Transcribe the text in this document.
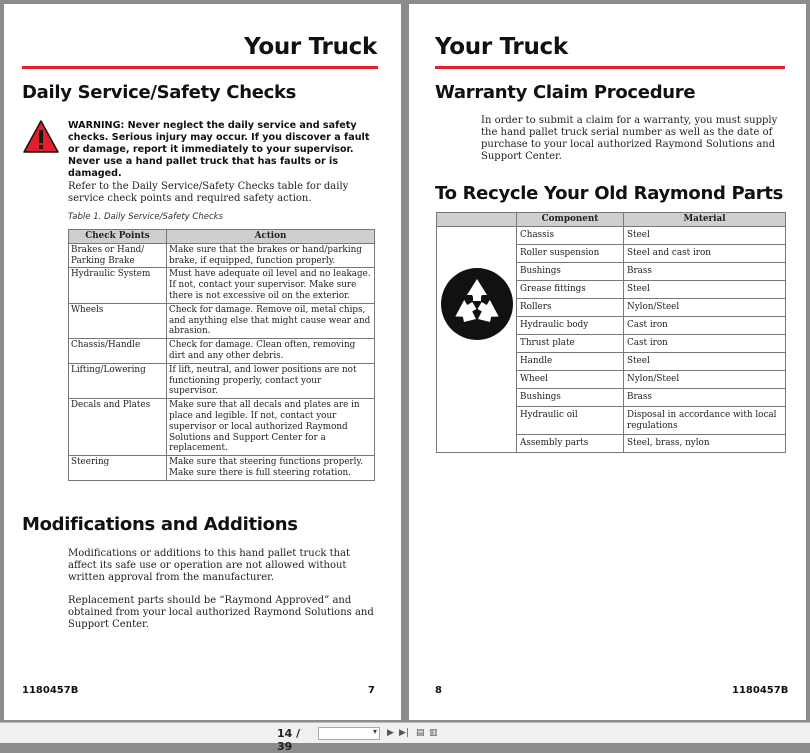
Your Truck
Daily Service/Safety Checks
WARNING: Never neglect the daily service and safety checks. Serious injury may occur. If you discover a fault or damage, report it immediately to your supervisor. Never use a hand pallet truck that has faults or is damaged.
Refer to the Daily Service/Safety Checks table for daily service check points and required safety action.
Table 1. Daily Service/Safety Checks
Check Points	Action
Brakes or Hand/ Parking Brake	Make sure that the brakes or hand/parking brake, if equipped, function properly.
Hydraulic System	Must have adequate oil level and no leakage. If not, contact your supervisor. Make sure there is not excessive oil on the exterior.
Wheels	Check for damage. Remove oil, metal chips, and anything else that might cause wear and abrasion.
Chassis/Handle	Check for damage. Clean often, removing dirt and any other debris.
Lifting/Lowering	If lift, neutral, and lower positions are not functioning properly, contact your supervisor.
Decals and Plates	Make sure that all decals and plates are in place and legible. If not, contact your supervisor or local authorized Raymond Solutions and Support Center for a replacement.
Steering	Make sure that steering functions properly. Make sure there is full steering rotation.
Modifications and Additions
Modifications or additions to this hand pallet truck that affect its safe use or operation are not allowed without written approval from the manufacturer.
Replacement parts should be “Raymond Approved” and obtained from your local authorized Raymond Solutions and Support Center.
1180457B	7
Your Truck
Warranty Claim Procedure
In order to submit a claim for a warranty, you must supply the hand pallet truck serial number as well as the date of purchase to your local authorized Raymond Solutions and Support Center.
To Recycle Your Old Raymond Parts
	Component	Material
	Chassis	Steel
	Roller suspension	Steel and cast iron
	Bushings	Brass
	Grease fittings	Steel
	Rollers	Nylon/Steel
	Hydraulic body	Cast iron
	Thrust plate	Cast iron
	Handle	Steel
	Wheel	Nylon/Steel
	Bushings	Brass
	Hydraulic oil	Disposal in accordance with local regulations
	Assembly parts	Steel, brass, nylon
8	1180457B
14 / 39
▾ ▶ ▶| ▤ ▥
